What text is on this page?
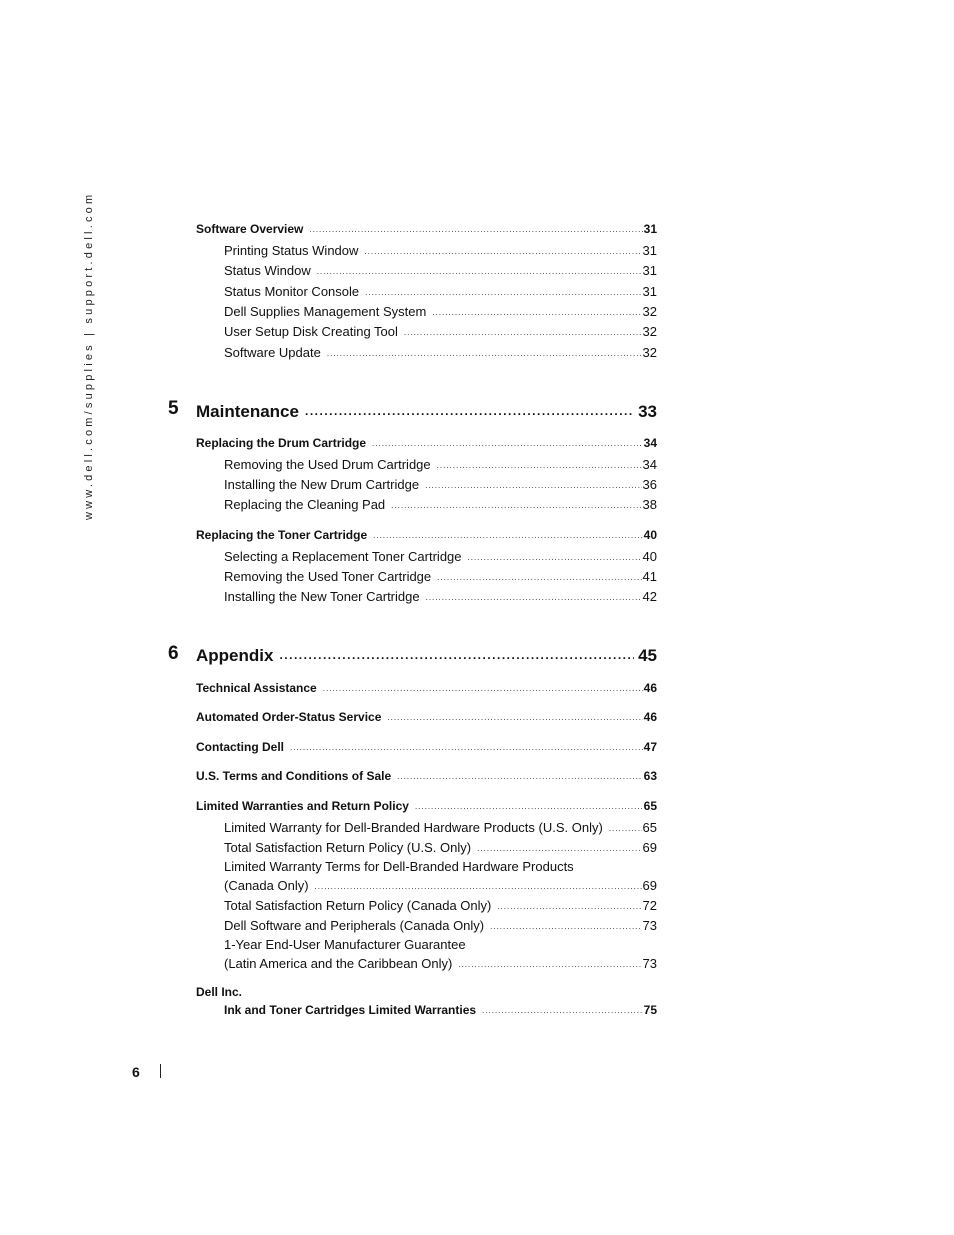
www.dell.com/supplies | support.dell.com	Software Overview .....	31
Printing Status Window .....	31
Status Window .....	31
Status Monitor Console .....	31
Dell Supplies Management System .....	32
User Setup Disk Creating Tool .....	32
Software Update .....	32
5 Maintenance .....	33
Replacing the Drum Cartridge .....	34
Removing the Used Drum Cartridge .....	34
Installing the New Drum Cartridge .....	36
Replacing the Cleaning Pad .....	38
Replacing the Toner Cartridge .....	40
Selecting a Replacement Toner Cartridge .....	40
Removing the Used Toner Cartridge .....	41
Installing the New Toner Cartridge .....	42
6 Appendix .....	45
Technical Assistance .....	46
Automated Order-Status Service .....	46
Contacting Dell .....	47
U.S. Terms and Conditions of Sale .....	63
Limited Warranties and Return Policy .....	65
Limited Warranty for Dell-Branded Hardware Products (U.S. Only) .....	65
Total Satisfaction Return Policy (U.S. Only) .....	69
Limited Warranty Terms for Dell-Branded Hardware Products
(Canada Only) .....	69
Total Satisfaction Return Policy (Canada Only) .....	72
Dell Software and Peripherals (Canada Only) .....	73
1-Year End-User Manufacturer Guarantee
(Latin America and the Caribbean Only) .....	73
Dell Inc.
Ink and Toner Cartridges Limited Warranties .....	75
6
